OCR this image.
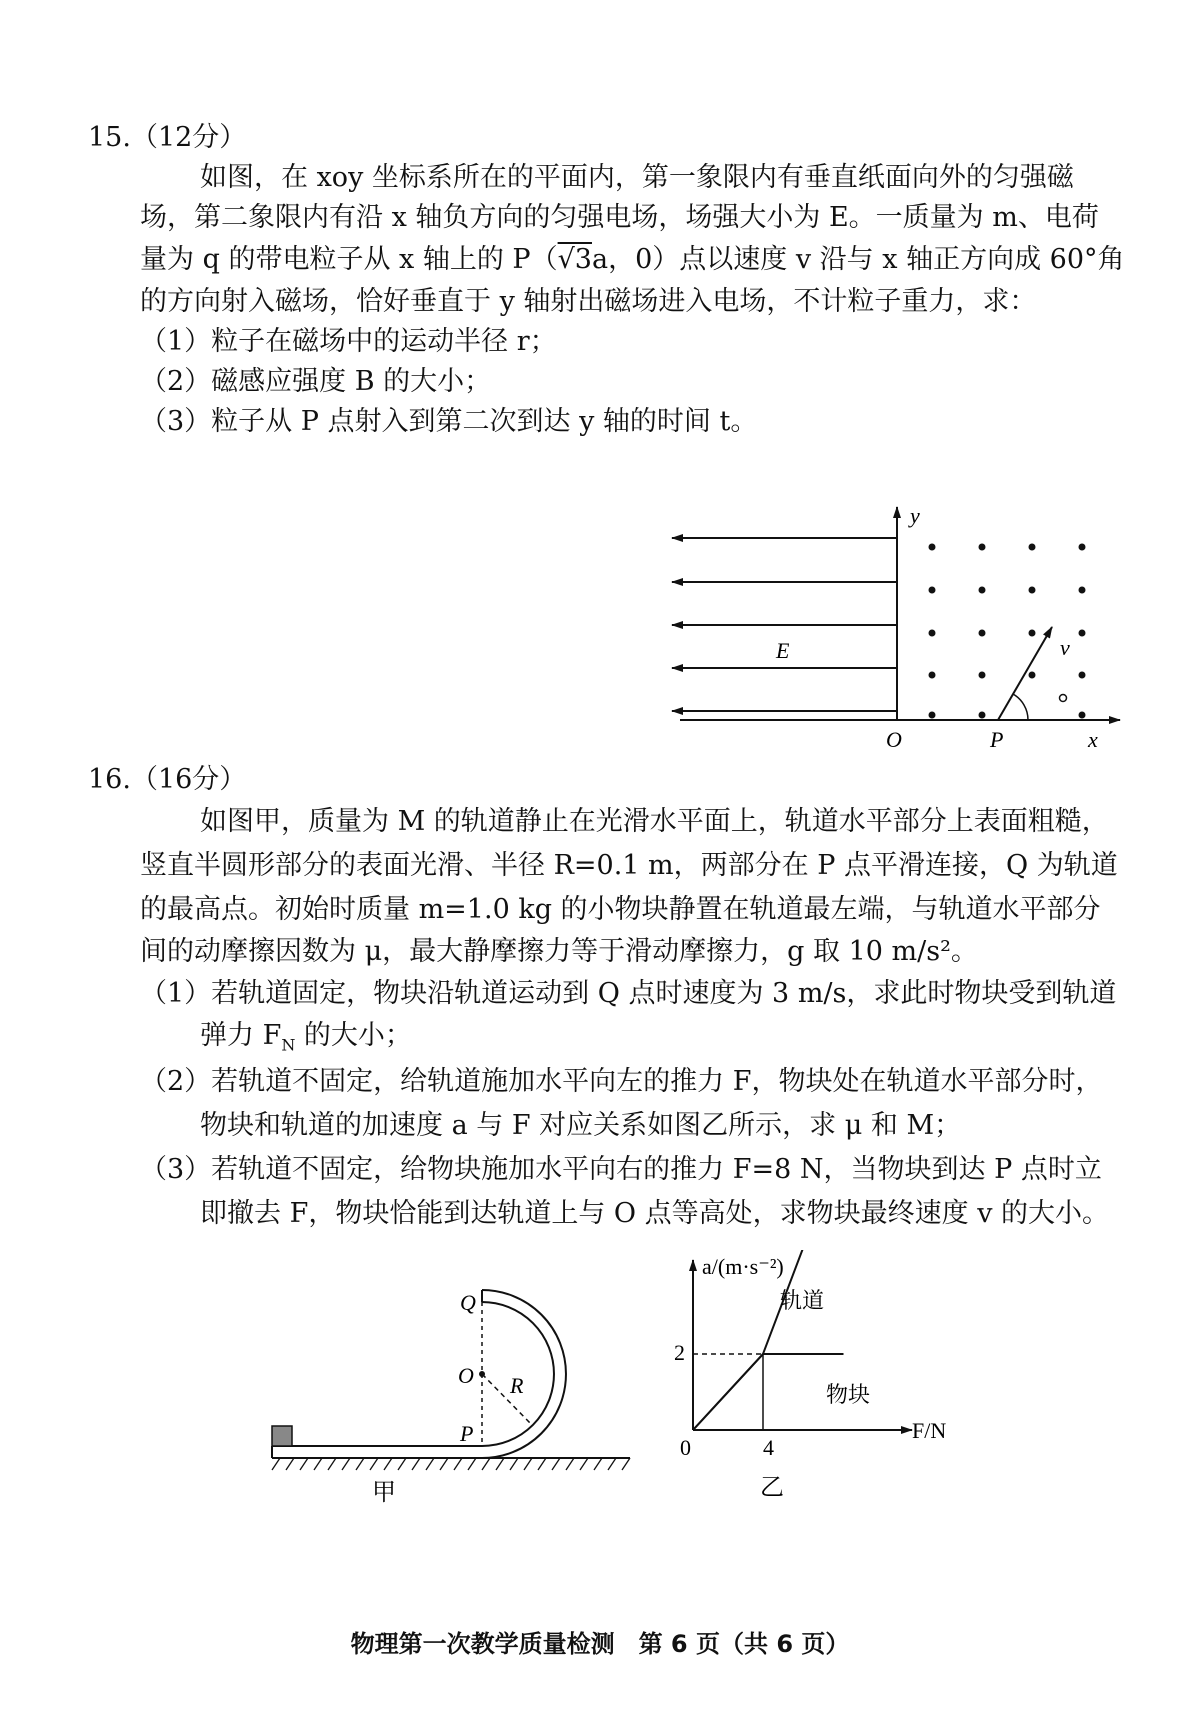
15.（12分）
如图，在 xoy 坐标系所在的平面内，第一象限内有垂直纸面向外的匀强磁
场，第二象限内有沿 x 轴负方向的匀强电场，场强大小为 E。一质量为 m、电荷
量为 q 的带电粒子从 x 轴上的 P（√3a，0）点以速度 v 沿与 x 轴正方向成 60°角
的方向射入磁场，恰好垂直于 y 轴射出磁场进入电场，不计粒子重力，求：
（1）粒子在磁场中的运动半径 r；
（2）磁感应强度 B 的大小；
（3）粒子从 P 点射入到第二次到达 y 轴的时间 t。
y
x
O	P
E	v
16.（16分）
如图甲，质量为 M 的轨道静止在光滑水平面上，轨道水平部分上表面粗糙，
竖直半圆形部分的表面光滑、半径 R=0.1 m，两部分在 P 点平滑连接，Q 为轨道
的最高点。初始时质量 m=1.0 kg 的小物块静置在轨道最左端，与轨道水平部分
间的动摩擦因数为 μ，最大静摩擦力等于滑动摩擦力，g 取 10 m/s²。
（1）若轨道固定，物块沿轨道运动到 Q 点时速度为 3 m/s，求此时物块受到轨道
弹力 $F_N$ 的大小；
（2）若轨道不固定，给轨道施加水平向左的推力 F，物块处在轨道水平部分时，
物块和轨道的加速度 a 与 F 对应关系如图乙所示，求 μ 和 M；
（3）若轨道不固定，给物块施加水平向右的推力 F=8 N，当物块到达 P 点时立
即撤去 F，物块恰能到达轨道上与 O 点等高处，求物块最终速度 v 的大小。
Q
O R
P
甲
a/(m·s⁻²)
F/N
0
2
4
轨道
物块
乙
物理第一次教学质量检测　第 6 页（共 6 页）
